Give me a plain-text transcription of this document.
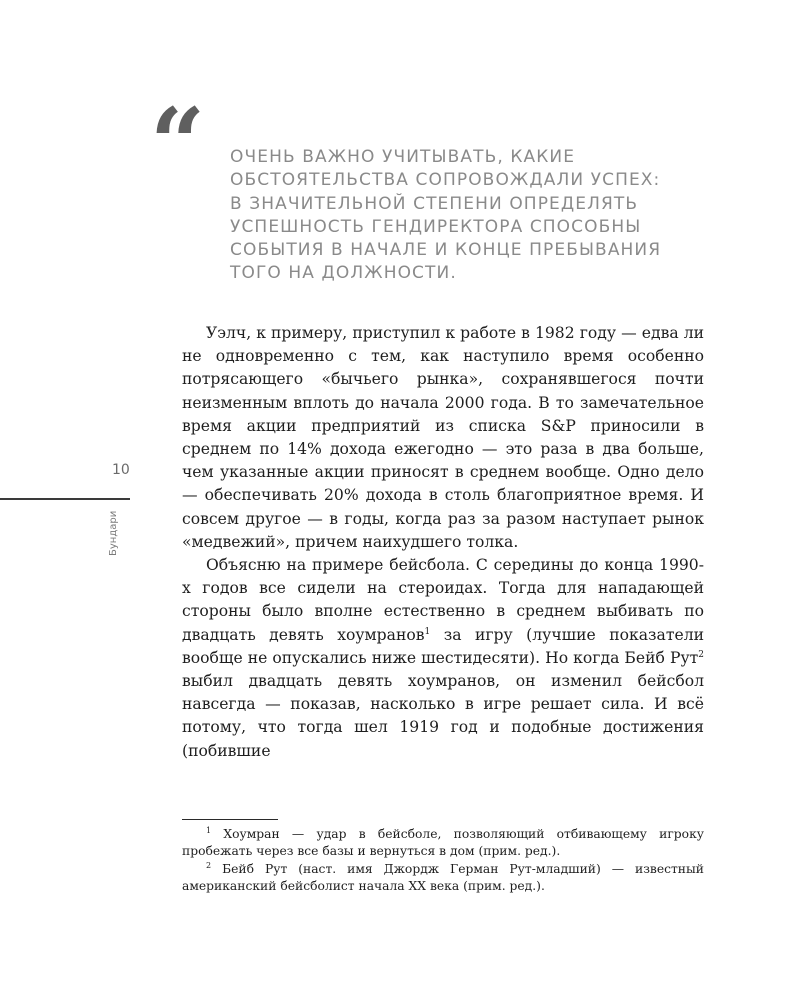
“ ОЧЕНЬ ВАЖНО УЧИТЫВАТЬ, КАКИЕ
ОБСТОЯТЕЛЬСТВА СОПРОВОЖДАЛИ УСПЕХ:
В ЗНАЧИТЕЛЬНОЙ СТЕПЕНИ ОПРЕДЕЛЯТЬ
УСПЕШНОСТЬ ГЕНДИРЕКТОРА СПОСОБНЫ
СОБЫТИЯ В НАЧАЛЕ И КОНЦЕ ПРЕБЫВАНИЯ
ТОГО НА ДОЛЖНОСТИ.
10
Бундари

Уэлч, к примеру, приступил к работе в 1982 году — едва ли не одновременно с тем, как наступило время особенно потрясающего «бычьего рынка», сохранявшегося почти неизменным вплоть до начала 2000 года. В то замечательное время акции предприятий из списка S&P приносили в среднем по 14% дохода ежегодно — это раза в два больше, чем указанные акции приносят в среднем вообще. Одно дело — обеспечивать 20% дохода в столь благоприятное время. И совсем другое — в годы, когда раз за разом наступает рынок «медвежий», причем наихудшего толка.

Объясню на примере бейсбола. С середины до конца 1990-х годов все сидели на стероидах. Тогда для нападающей стороны было вполне естественно в среднем выбивать по двадцать девять хоумранов$^1$ за игру (лучшие показатели вообще не опускались ниже шестидесяти). Но когда Бейб Рут$^2$ выбил двадцать девять хоумранов, он изменил бейсбол навсегда — показав, насколько в игре решает сила. И всё потому, что тогда шел 1919 год и подобные достижения (побившие

$^1$ Хоумран — удар в бейсболе, позволяющий отбивающему игроку пробежать через все базы и вернуться в дом (прим. ред.).

$^2$ Бейб Рут (наст. имя Джордж Герман Рут-младший) — известный американский бейсболист начала XX века (прим. ред.).
